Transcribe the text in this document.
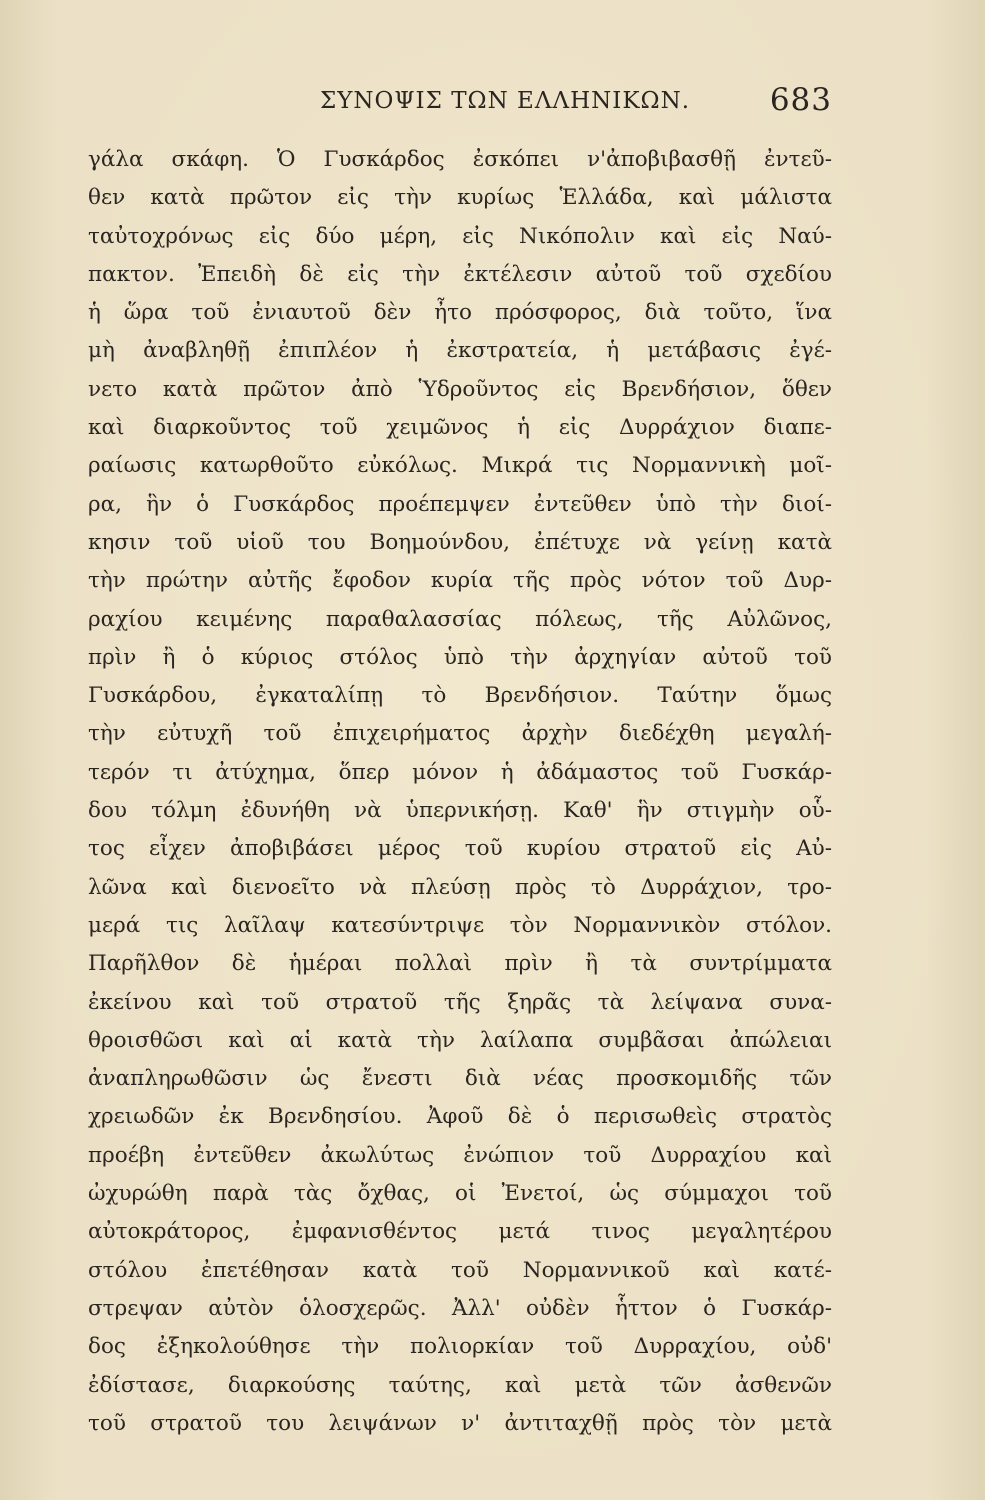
ΣΥΝΟΨΙΣ ΤΩΝ ΕΛΛΗΝΙΚΩΝ.	683
γάλα σκάφη. Ὁ Γυσκάρδος ἐσκόπει ν'ἀποβιβασθῇ ἐντεῦ-
θεν κατὰ πρῶτον εἰς τὴν κυρίως Ἑλλάδα, καὶ μάλιστα
ταὐτοχρόνως εἰς δύο μέρη, εἰς Νικόπολιν καὶ εἰς Ναύ-
πακτον. Ἐπειδὴ δὲ εἰς τὴν ἐκτέλεσιν αὐτοῦ τοῦ σχεδίου
ἡ ὥρα τοῦ ἐνιαυτοῦ δὲν ἦτο πρόσφορος, διὰ τοῦτο, ἵνα
μὴ ἀναβληθῇ ἐπιπλέον ἡ ἐκστρατεία, ἡ μετάβασις ἐγέ-
νετο κατὰ πρῶτον ἀπὸ Ὑδροῦντος εἰς Βρενδήσιον, ὅθεν
καὶ διαρκοῦντος τοῦ χειμῶνος ἡ εἰς Δυρράχιον διαπε-
ραίωσις κατωρθοῦτο εὐκόλως. Μικρά τις Νορμαννικὴ μοῖ-
ρα, ἣν ὁ Γυσκάρδος προέπεμψεν ἐντεῦθεν ὑπὸ τὴν διοί-
κησιν τοῦ υἱοῦ του Βοημούνδου, ἐπέτυχε νὰ γείνῃ κατὰ
τὴν πρώτην αὐτῆς ἔφοδον κυρία τῆς πρὸς νότον τοῦ Δυρ-
ραχίου κειμένης παραθαλασσίας πόλεως, τῆς Αὐλῶνος,
πρὶν ἢ ὁ κύριος στόλος ὑπὸ τὴν ἀρχηγίαν αὐτοῦ τοῦ
Γυσκάρδου, ἐγκαταλίπῃ τὸ Βρενδήσιον. Ταύτην ὅμως
τὴν εὐτυχῆ τοῦ ἐπιχειρήματος ἀρχὴν διεδέχθη μεγαλή-
τερόν τι ἀτύχημα, ὅπερ μόνον ἡ ἀδάμαστος τοῦ Γυσκάρ-
δου τόλμη ἐδυνήθη νὰ ὑπερνικήσῃ. Καθ' ἣν στιγμὴν οὗ-
τος εἶχεν ἀποβιβάσει μέρος τοῦ κυρίου στρατοῦ εἰς Αὐ-
λῶνα καὶ διενοεῖτο νὰ πλεύσῃ πρὸς τὸ Δυρράχιον, τρο-
μερά τις λαῖλαψ κατεσύντριψε τὸν Νορμαννικὸν στόλον.
Παρῆλθον δὲ ἡμέραι πολλαὶ πρὶν ἢ τὰ συντρίμματα
ἐκείνου καὶ τοῦ στρατοῦ τῆς ξηρᾶς τὰ λείψανα συνα-
θροισθῶσι καὶ αἱ κατὰ τὴν λαίλαπα συμβᾶσαι ἀπώλειαι
ἀναπληρωθῶσιν ὡς ἔνεστι διὰ νέας προσκομιδῆς τῶν
χρειωδῶν ἐκ Βρενδησίου. Ἀφοῦ δὲ ὁ περισωθεὶς στρατὸς
προέβη ἐντεῦθεν ἀκωλύτως ἐνώπιον τοῦ Δυρραχίου καὶ
ὠχυρώθη παρὰ τὰς ὄχθας, οἱ Ἐνετοί, ὡς σύμμαχοι τοῦ
αὐτοκράτορος, ἐμφανισθέντος μετά τινος μεγαλητέρου
στόλου ἐπετέθησαν κατὰ τοῦ Νορμαννικοῦ καὶ κατέ-
στρεψαν αὐτὸν ὁλοσχερῶς. Ἀλλ' οὐδὲν ἧττον ὁ Γυσκάρ-
δος ἐξηκολούθησε τὴν πολιορκίαν τοῦ Δυρραχίου, οὐδ'
ἐδίστασε, διαρκούσης ταύτης, καὶ μετὰ τῶν ἀσθενῶν
τοῦ στρατοῦ του λειψάνων ν' ἀντιταχθῇ πρὸς τὸν μετὰ
